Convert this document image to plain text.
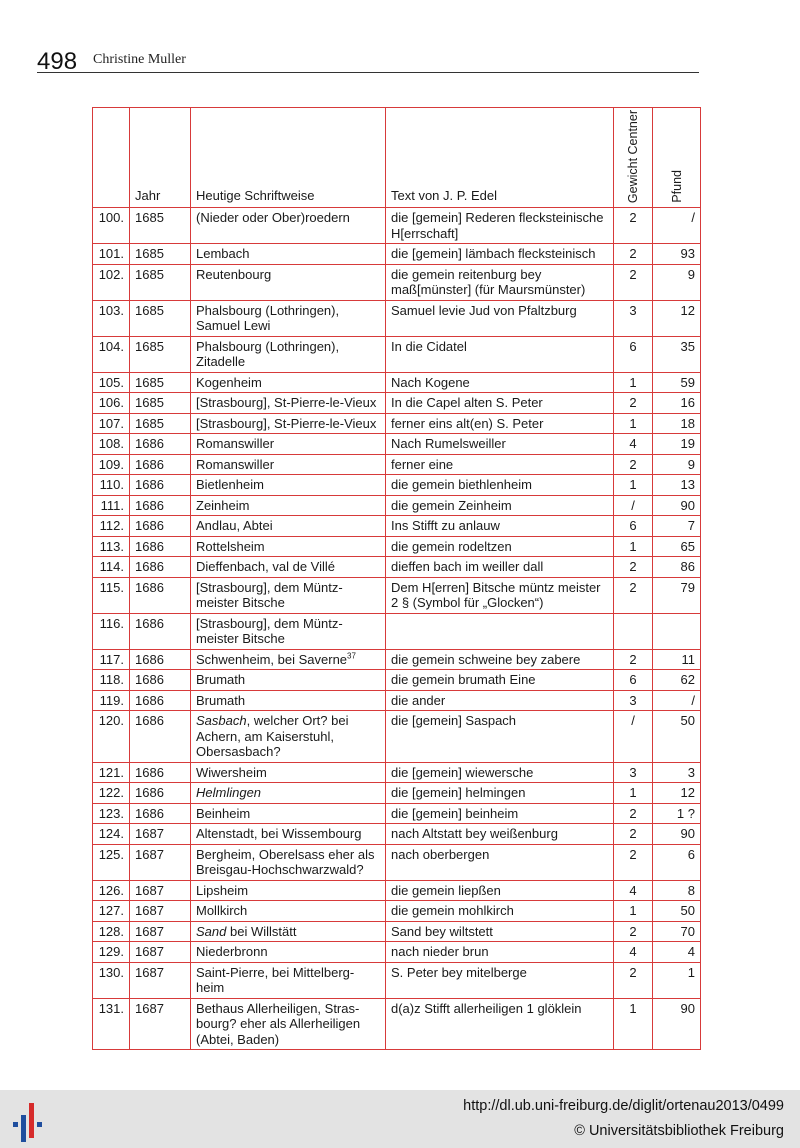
498 Christine Muller
	Jahr	Heutige Schriftweise	Text von J. P. Edel	Gewicht Centner	Pfund

100.	1685	(Nieder oder Ober)roedern	die [gemein] Rederen flecksteinische H[errschaft]	2	/
101.	1685	Lembach	die [gemein] lämbach flecksteinisch	2	93
102.	1685	Reutenbourg	die gemein reitenburg bey maß[münster] (für Maursmünster)	2	9
103.	1685	Phalsbourg (Lothringen), Samuel Lewi	Samuel levie Jud von Pfaltzburg	3	12
104.	1685	Phalsbourg (Lothringen), Zitadelle	In die Cidatel	6	35
105.	1685	Kogenheim	Nach Kogene	1	59
106.	1685	[Strasbourg], St-Pierre-le-Vieux	In die Capel alten S. Peter	2	16
107.	1685	[Strasbourg], St-Pierre-le-Vieux	ferner eins alt(en) S. Peter	1	18
108.	1686	Romanswiller	Nach Rumelsweiller	4	19
109.	1686	Romanswiller	ferner eine	2	9
110.	1686	Bietlenheim	die gemein biethlenheim	1	13
111.	1686	Zeinheim	die gemein Zeinheim	/	90
112.	1686	Andlau, Abtei	Ins Stifft zu anlauw	6	7
113.	1686	Rottelsheim	die gemein rodeltzen	1	65
114.	1686	Dieffenbach, val de Villé	dieffen bach im weiller dall	2	86
115.	1686	[Strasbourg], dem Müntz-meister Bitsche	Dem H[erren] Bitsche müntz meister 2 § (Symbol für „Glocken“)	2	79
116.	1686	[Strasbourg], dem Müntz-meister Bitsche			
117.	1686	Schwenheim, bei Saverne$^{37}$	die gemein schweine bey zabere	2	11
118.	1686	Brumath	die gemein brumath Eine	6	62
119.	1686	Brumath	die ander	3	/
120.	1686	Sasbach, welcher Ort? bei Achern, am Kaiserstuhl, Obersasbach?	die [gemein] Saspach	/	50
121.	1686	Wiwersheim	die [gemein] wiewersche	3	3
122.	1686	Helmlingen	die [gemein] helmingen	1	12
123.	1686	Beinheim	die [gemein] beinheim	2	1 ?
124.	1687	Altenstadt, bei Wissembourg	nach Altstatt bey weißenburg	2	90
125.	1687	Bergheim, Oberelsass eher als Breisgau-Hochschwarzwald?	nach oberbergen	2	6
126.	1687	Lipsheim	die gemein liepßen	4	8
127.	1687	Mollkirch	die gemein mohlkirch	1	50
128.	1687	Sand bei Willstätt	Sand bey wiltstett	2	70
129.	1687	Niederbronn	nach nieder brun	4	4
130.	1687	Saint-Pierre, bei Mittelberg-heim	S. Peter bey mitelberge	2	1
131.	1687	Bethaus Allerheiligen, Stras-bourg? eher als Allerheiligen (Abtei, Baden)	d(a)z Stifft allerheiligen 1 glöklein	1	90
http://dl.ub.uni-freiburg.de/diglit/ortenau2013/0499
© Universitätsbibliothek Freiburg
